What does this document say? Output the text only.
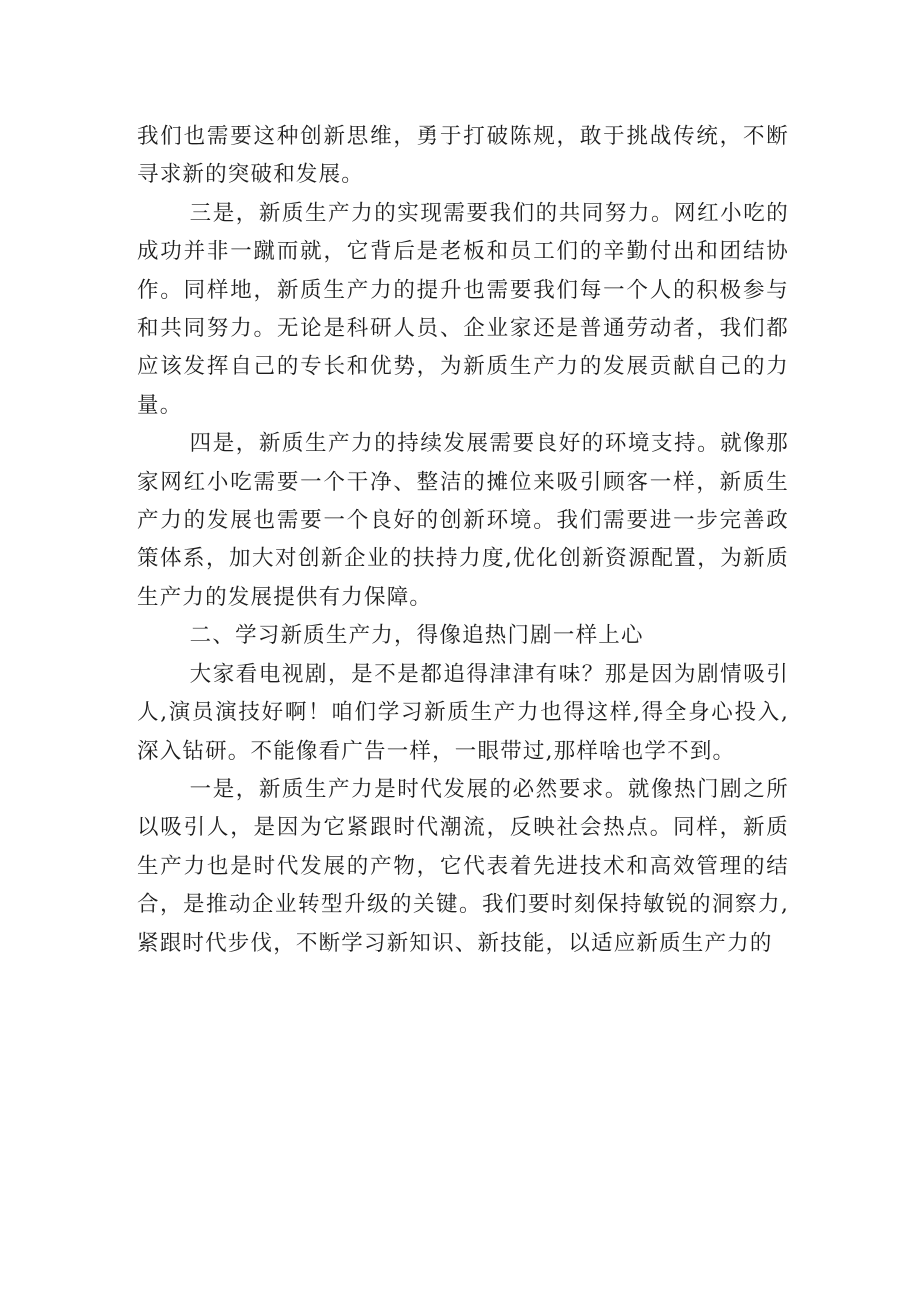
我们也需要这种创新思维，勇于打破陈规，敢于挑战传统，不断寻求新的突破和发展。

三是，新质生产力的实现需要我们的共同努力。网红小吃的成功并非一蹴而就，它背后是老板和员工们的辛勤付出和团结协作。同样地，新质生产力的提升也需要我们每一个人的积极参与和共同努力。无论是科研人员、企业家还是普通劳动者，我们都应该发挥自己的专长和优势，为新质生产力的发展贡献自己的力量。

四是，新质生产力的持续发展需要良好的环境支持。就像那家网红小吃需要一个干净、整洁的摊位来吸引顾客一样，新质生产力的发展也需要一个良好的创新环境。我们需要进一步完善政策体系，加大对创新企业的扶持力度,优化创新资源配置，为新质生产力的发展提供有力保障。

二、学习新质生产力，得像追热门剧一样上心

大家看电视剧，是不是都追得津津有味？那是因为剧情吸引人,演员演技好啊！咱们学习新质生产力也得这样,得全身心投入,深入钻研。不能像看广告一样，一眼带过,那样啥也学不到。

一是，新质生产力是时代发展的必然要求。就像热门剧之所以吸引人，是因为它紧跟时代潮流，反映社会热点。同样，新质生产力也是时代发展的产物，它代表着先进技术和高效管理的结合，是推动企业转型升级的关键。我们要时刻保持敏锐的洞察力,紧跟时代步伐，不断学习新知识、新技能，以适应新质生产力的
